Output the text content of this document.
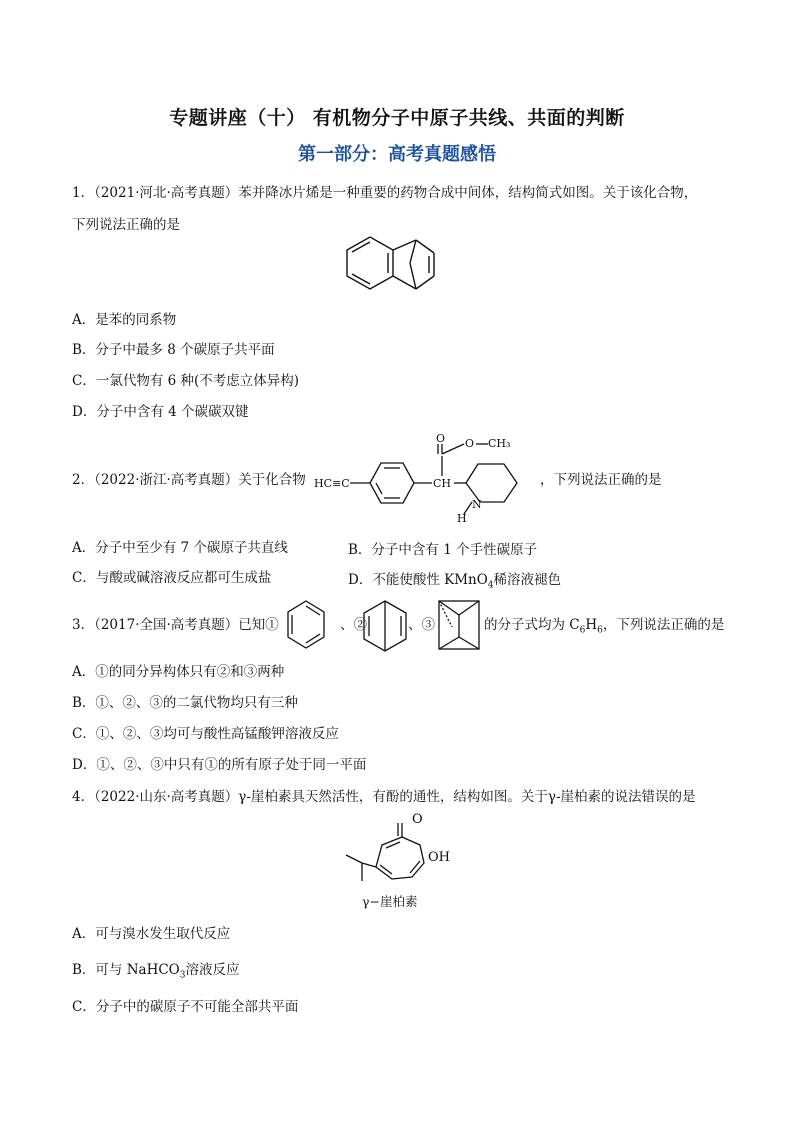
专题讲座（十） 有机物分子中原子共线、共面的判断
第一部分：高考真题感悟
1．（2021·河北·高考真题）苯并降冰片烯是一种重要的药物合成中间体，结构简式如图。关于该化合物，
下列说法正确的是
A．是苯的同系物
B．分子中最多 8 个碳原子共平面
C．一氯代物有 6 种(不考虑立体异构)
D．分子中含有 4 个碳碳双键
2．（2022·浙江·高考真题）关于化合物 HC≡C
O O CH₃
CH
N
H
，下列说法正确的是
A．分子中至少有 7 个碳原子共直线	B．分子中含有 1 个手性碳原子
C．与酸或碱溶液反应都可生成盐	D．不能使酸性 KMnO$_4$稀溶液褪色
3．（2017·全国·高考真题）已知①	、②	、③	的分子式均为 $C_6H_6$，下列说法正确的是
A．①的同分异构体只有②和③两种
B．①、②、③的二氯代物均只有三种
C．①、②、③均可与酸性高锰酸钾溶液反应
D．①、②、③中只有①的所有原子处于同一平面
4．（2022·山东·高考真题）γ-崖柏素具天然活性，有酚的通性，结构如图。关于γ-崖柏素的说法错误的是
O
OH
γ−崖柏素
A．可与溴水发生取代反应
B．可与 NaHCO$_3$溶液反应
C．分子中的碳原子不可能全部共平面
